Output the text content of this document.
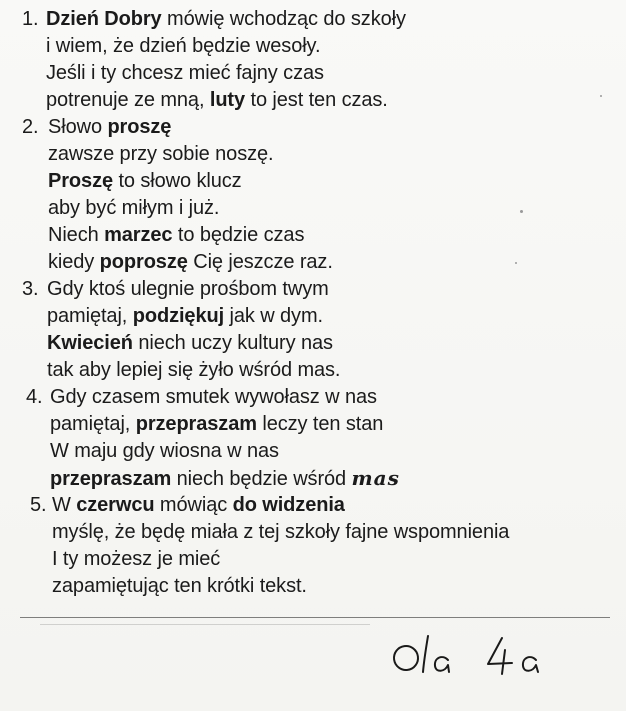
1. Dzień Dobry mówię wchodząc do szkoły
i wiem, że dzień będzie wesoły.
Jeśli i ty chcesz mieć fajny czas
potrenuje ze mną, luty to jest ten czas.
2. Słowo proszę
zawsze przy sobie noszę.
Proszę to słowo klucz
aby być miłym i już.
Niech marzec to będzie czas
kiedy poproszę Cię jeszcze raz.
3. Gdy ktoś ulegnie prośbom twym
pamiętaj, podziękuj jak w dym.
Kwiecień niech uczy kultury nas
tak aby lepiej się żyło wśród mas.
4. Gdy czasem smutek wywołasz w nas
pamiętaj, przepraszam leczy ten stan
W maju gdy wiosna w nas
przepraszam niech będzie wśród mas
5. W czerwcu mówiąc do widzenia
myślę, że będę miała z tej szkoły fajne wspomnienia
I ty możesz je mieć
zapamiętując ten krótki tekst.
